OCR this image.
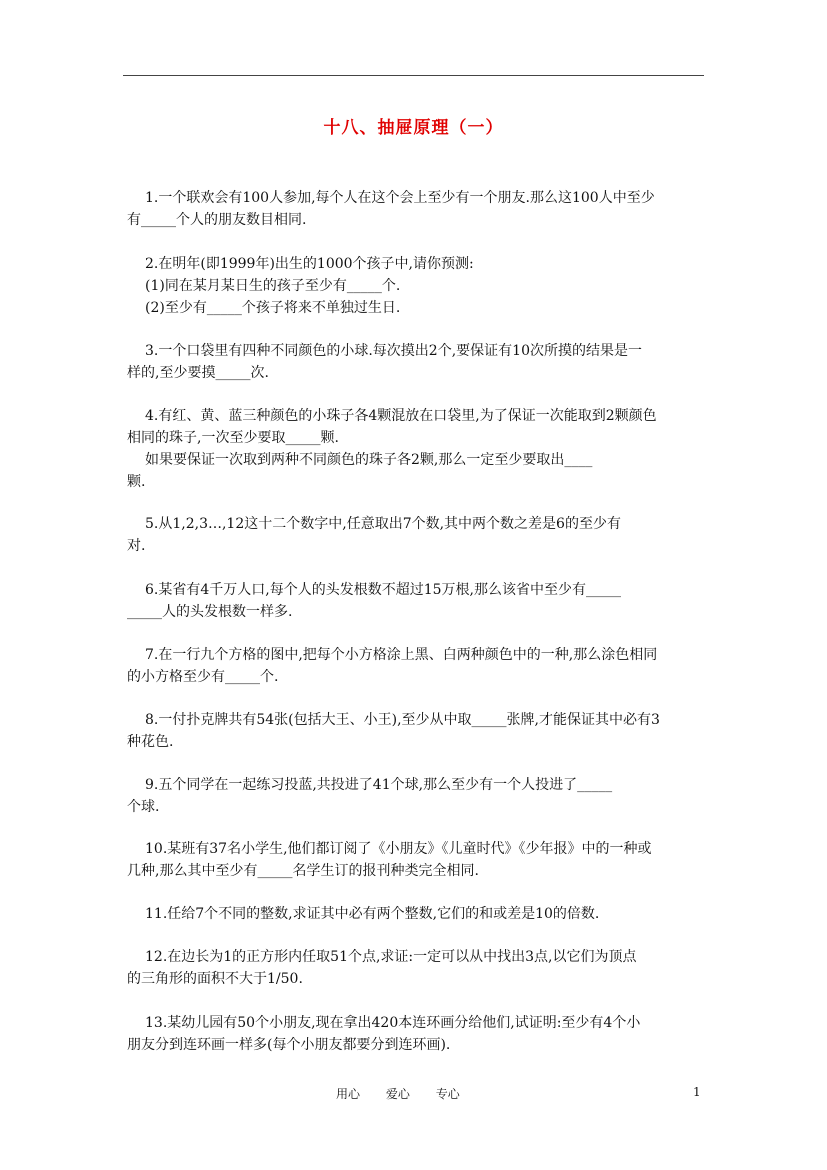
十八、抽屉原理（一）
1.一个联欢会有100人参加,每个人在这个会上至少有一个朋友.那么这100人中至少
有_____个人的朋友数目相同.
2.在明年(即1999年)出生的1000个孩子中,请你预测:
(1)同在某月某日生的孩子至少有_____个.
(2)至少有_____个孩子将来不单独过生日.
3.一个口袋里有四种不同颜色的小球.每次摸出2个,要保证有10次所摸的结果是一
样的,至少要摸_____次.
4.有红、黄、蓝三种颜色的小珠子各4颗混放在口袋里,为了保证一次能取到2颗颜色
相同的珠子,一次至少要取_____颗.
如果要保证一次取到两种不同颜色的珠子各2颗,那么一定至少要取出____
颗.
5.从1,2,3…,12这十二个数字中,任意取出7个数,其中两个数之差是6的至少有
对.
6.某省有4千万人口,每个人的头发根数不超过15万根,那么该省中至少有_____
_____人的头发根数一样多.
7.在一行九个方格的图中,把每个小方格涂上黑、白两种颜色中的一种,那么涂色相同
的小方格至少有_____个.
8.一付扑克牌共有54张(包括大王、小王),至少从中取_____张牌,才能保证其中必有3
种花色.
9.五个同学在一起练习投蓝,共投进了41个球,那么至少有一个人投进了_____
个球.
10.某班有37名小学生,他们都订阅了《小朋友》《儿童时代》《少年报》中的一种或
几种,那么其中至少有_____名学生订的报刊种类完全相同.
11.任给7个不同的整数,求证其中必有两个整数,它们的和或差是10的倍数.
12.在边长为1的正方形内任取51个点,求证:一定可以从中找出3点,以它们为顶点
的三角形的面积不大于1/50.
13.某幼儿园有50个小朋友,现在拿出420本连环画分给他们,试证明:至少有4个小
朋友分到连环画一样多(每个小朋友都要分到连环画).
用心 爱心 专心	1
